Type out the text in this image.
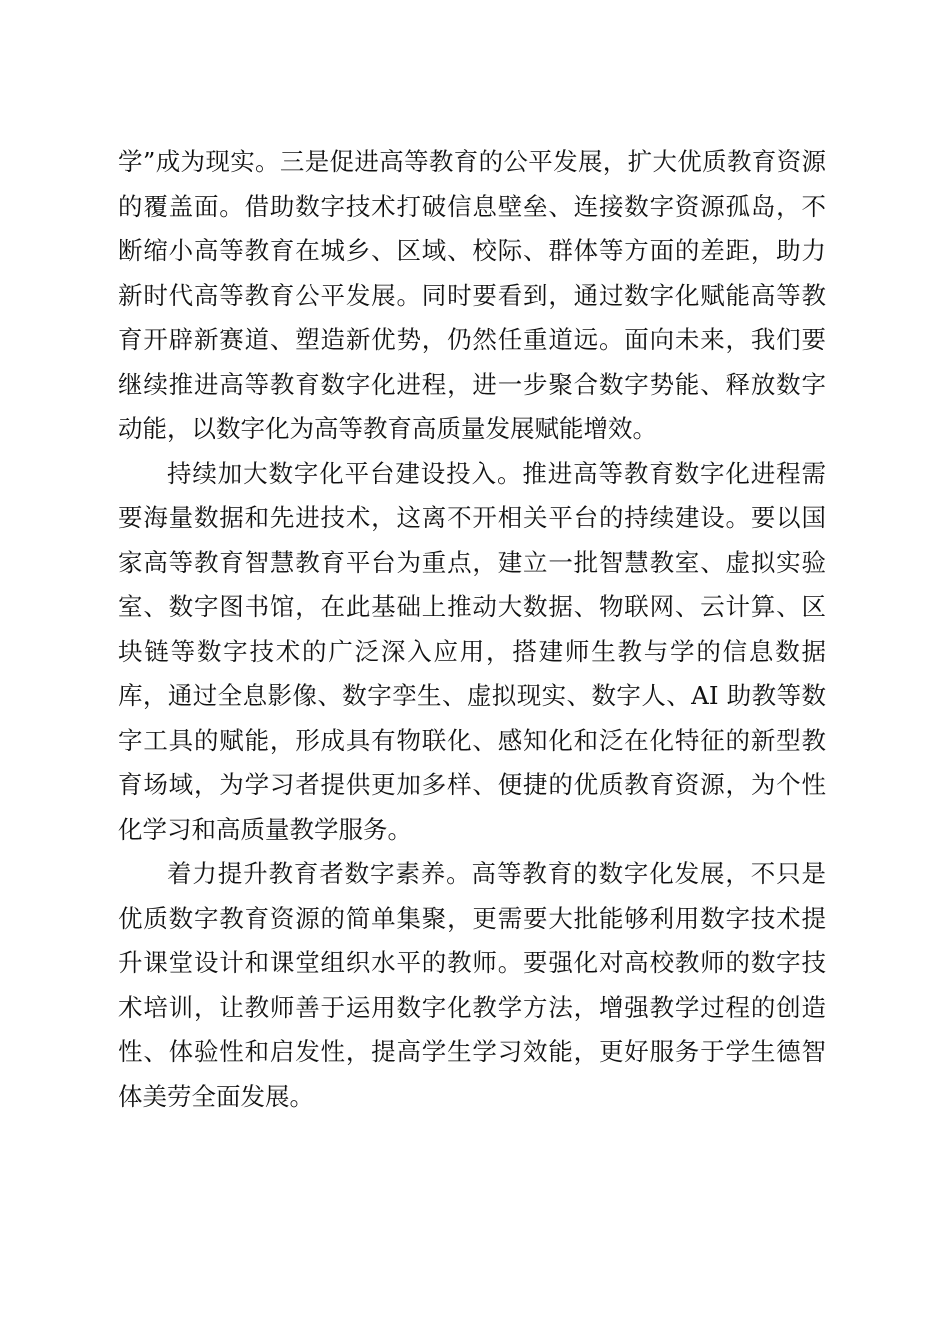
学”成为现实。三是促进高等教育的公平发展，扩大优质教育资源的覆盖面。借助数字技术打破信息壁垒、连接数字资源孤岛，不断缩小高等教育在城乡、区域、校际、群体等方面的差距，助力新时代高等教育公平发展。同时要看到，通过数字化赋能高等教育开辟新赛道、塑造新优势，仍然任重道远。面向未来，我们要继续推进高等教育数字化进程，进一步聚合数字势能、释放数字动能，以数字化为高等教育高质量发展赋能增效。

持续加大数字化平台建设投入。推进高等教育数字化进程需要海量数据和先进技术，这离不开相关平台的持续建设。要以国家高等教育智慧教育平台为重点，建立一批智慧教室、虚拟实验室、数字图书馆，在此基础上推动大数据、物联网、云计算、区块链等数字技术的广泛深入应用，搭建师生教与学的信息数据库，通过全息影像、数字孪生、虚拟现实、数字人、AI 助教等数字工具的赋能，形成具有物联化、感知化和泛在化特征的新型教育场域，为学习者提供更加多样、便捷的优质教育资源，为个性化学习和高质量教学服务。

着力提升教育者数字素养。高等教育的数字化发展，不只是优质数字教育资源的简单集聚，更需要大批能够利用数字技术提升课堂设计和课堂组织水平的教师。要强化对高校教师的数字技术培训，让教师善于运用数字化教学方法，增强教学过程的创造性、体验性和启发性，提高学生学习效能，更好服务于学生德智体美劳全面发展。
